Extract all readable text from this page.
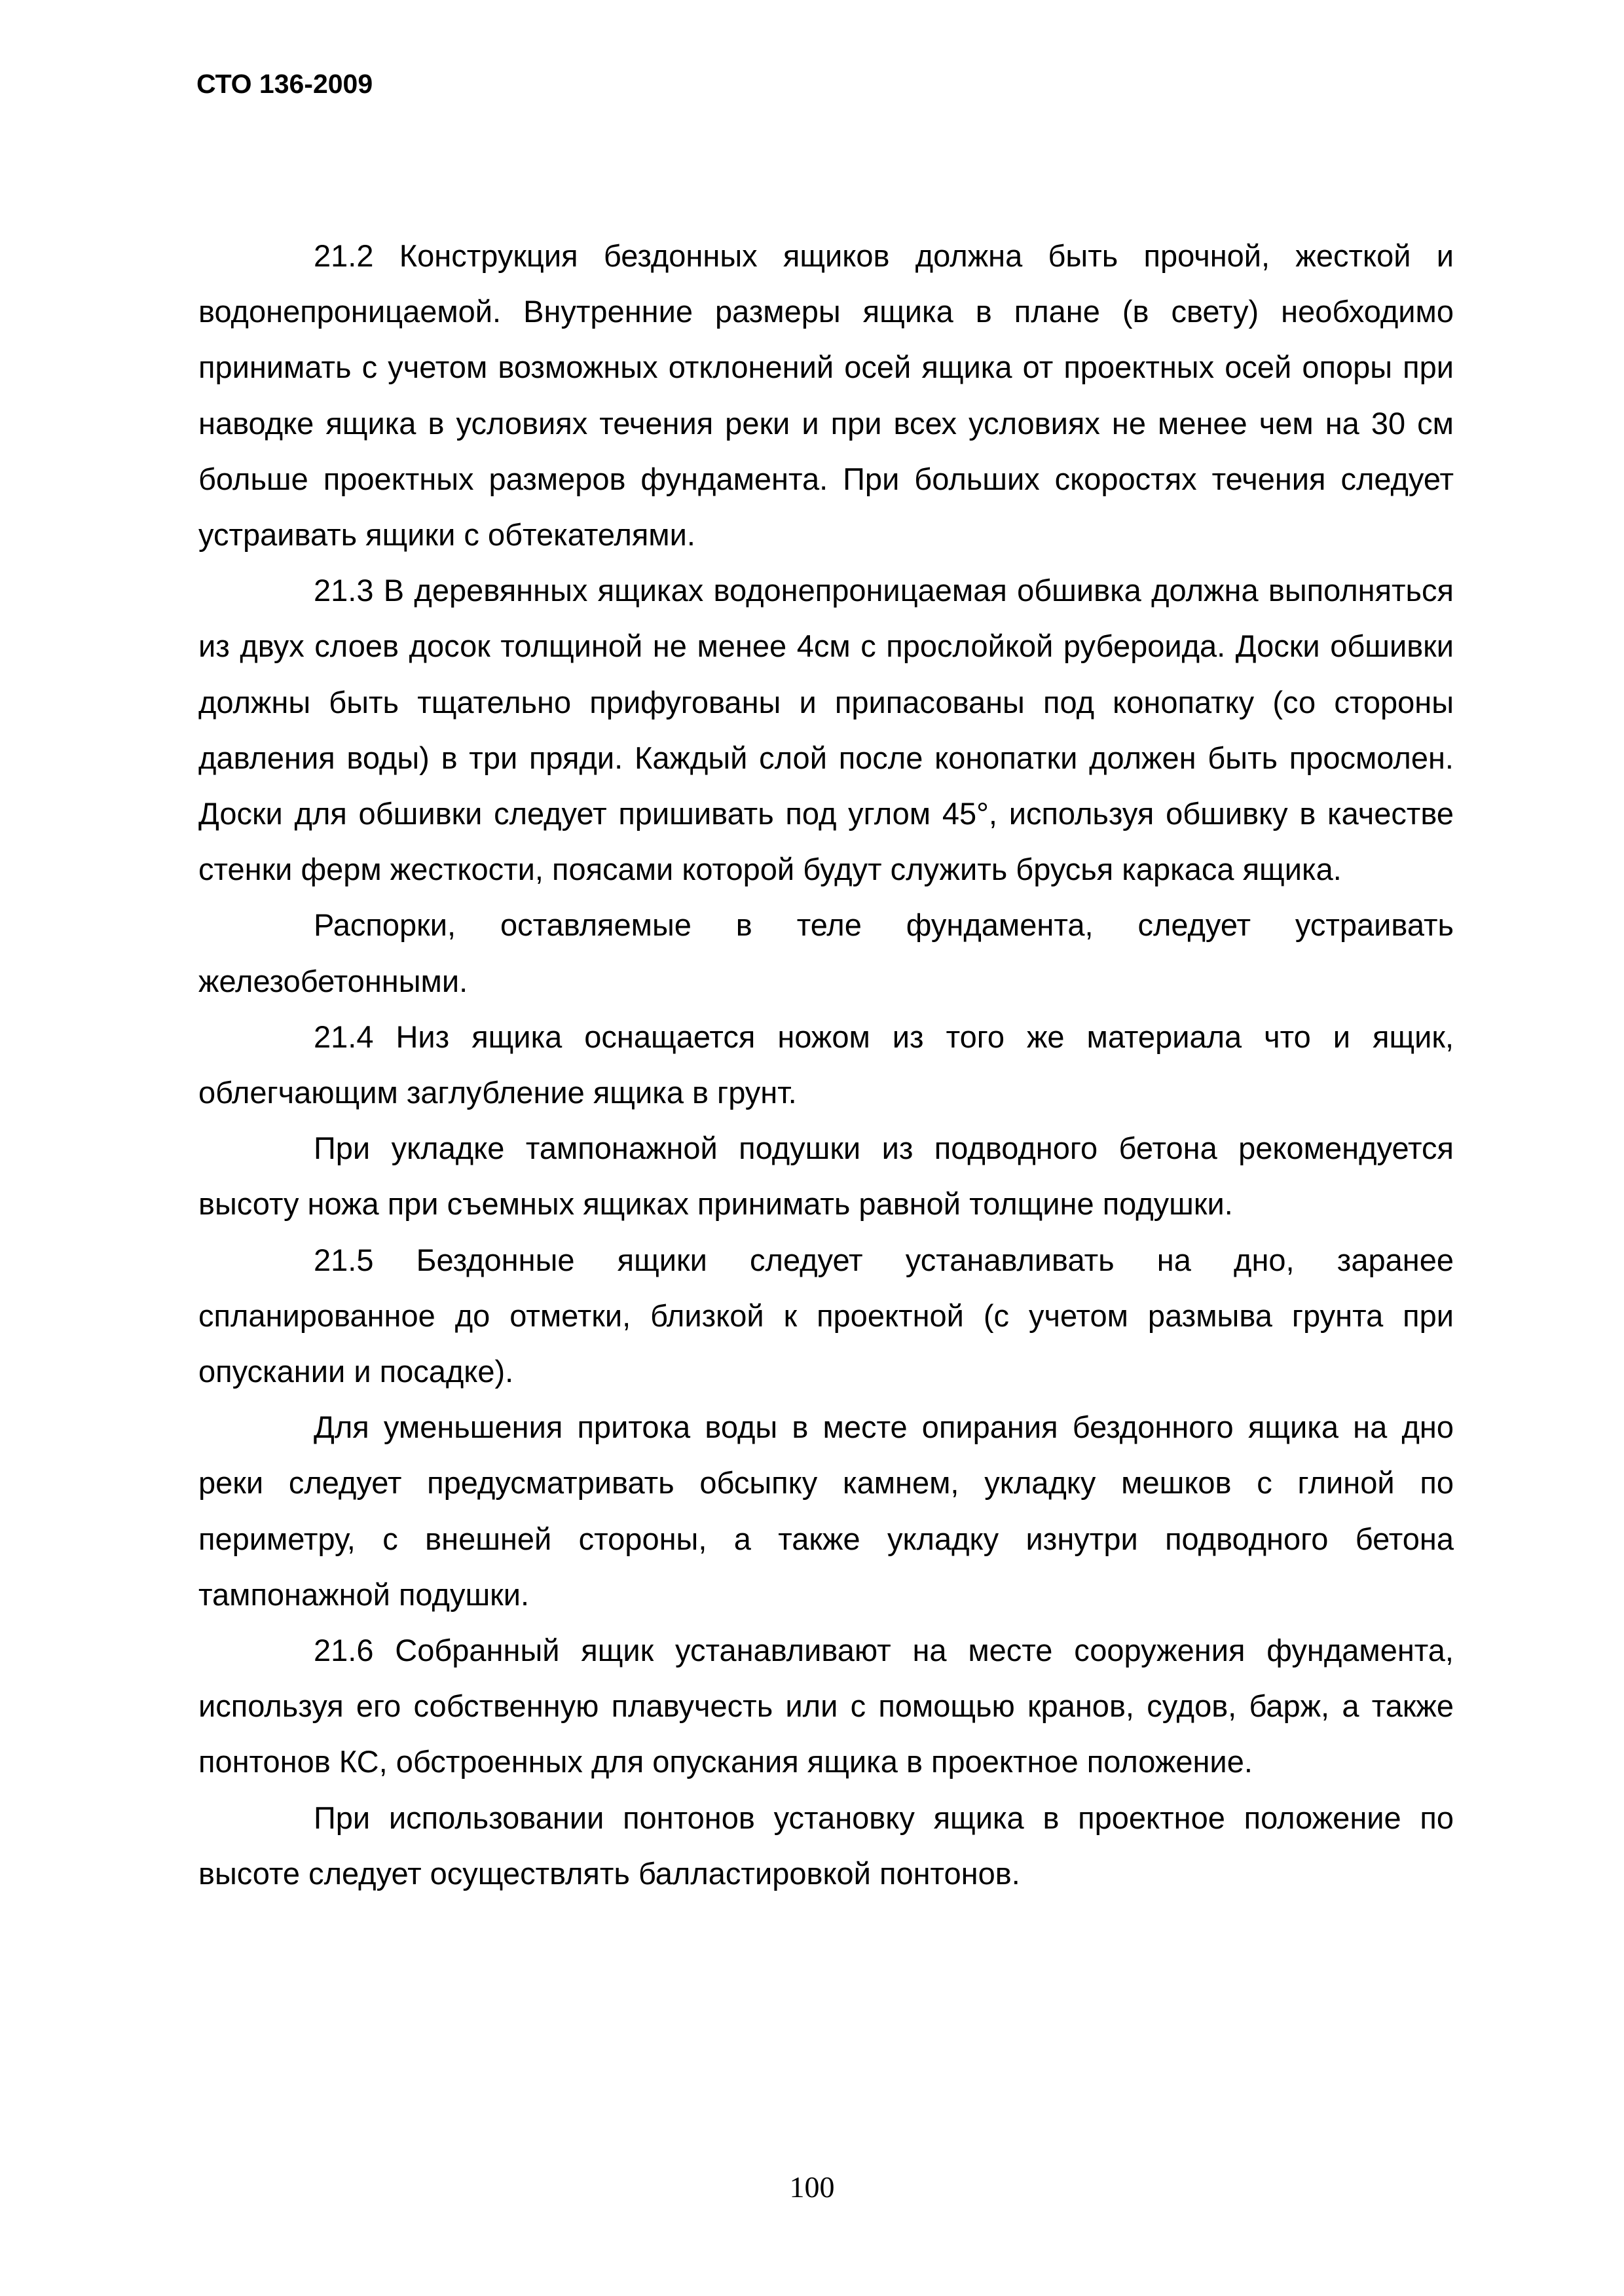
СТО 136-2009

21.2 Конструкция бездонных ящиков должна быть прочной, жесткой и водонепроницаемой. Внутренние размеры ящика в плане (в свету) необходимо принимать с учетом возможных отклонений осей ящика от проектных осей опоры при наводке ящика в условиях течения реки и при всех условиях не менее чем на 30 см больше проектных размеров фундамента. При больших скоростях течения следует устраивать ящики с обтекателями.

21.3 В деревянных ящиках водонепроницаемая обшивка должна выполняться из двух слоев досок толщиной не менее 4см с прослойкой рубероида. Доски обшивки должны быть тщательно прифугованы и припасованы под конопатку (со стороны давления воды) в три пряди. Каждый слой после конопатки должен быть просмолен. Доски для обшивки следует пришивать под углом 45°, используя обшивку в качестве стенки ферм жесткости, поясами которой будут служить брусья каркаса ящика.

Распорки, оставляемые в теле фундамента, следует устраивать железобетонными.

21.4 Низ ящика оснащается ножом из того же материала что и ящик, облегчающим заглубление ящика в грунт.

При укладке тампонажной подушки из подводного бетона рекомендуется высоту ножа при съемных ящиках принимать равной толщине подушки.

21.5 Бездонные ящики следует устанавливать на дно, заранее спланированное до отметки, близкой к проектной (с учетом размыва грунта при опускании и посадке).

Для уменьшения притока воды в месте опирания бездонного ящика на дно реки следует предусматривать обсыпку камнем, укладку мешков с глиной по периметру, с внешней стороны, а также укладку изнутри подводного бетона тампонажной подушки.

21.6 Собранный ящик устанавливают на месте сооружения фундамента, используя его собственную плавучесть или с помощью кранов, судов, барж, а также понтонов КС, обстроенных для опускания ящика в проектное положение.

При использовании понтонов установку ящика в проектное положение по высоте следует осуществлять балластировкой понтонов.

100
